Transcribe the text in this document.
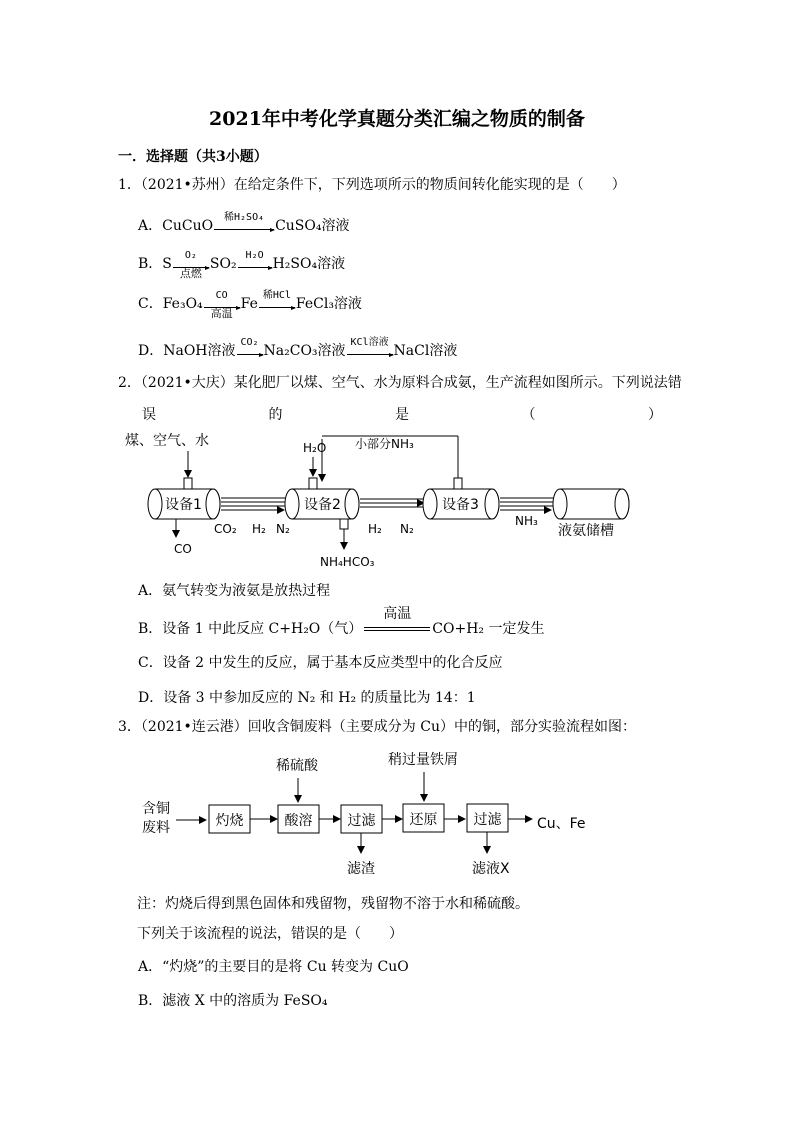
2021年中考化学真题分类汇编之物质的制备
一．选择题（共3小题）
1．（2021•苏州）在给定条件下，下列选项所示的物质间转化能实现的是（　　）
A．CuCuO
稀H₂SO₄
CuSO₄溶液
B．S
O₂
点燃
SO₂
H₂O
H₂SO₄溶液
C．Fe₃O₄
CO
高温
Fe
稀HCl
FeCl₃溶液
D．NaOH溶液
CO₂
Na₂CO₃溶液
KCl溶液
NaCl溶液
2．（2021•大庆）某化肥厂以煤、空气、水为原料合成氨，生产流程如图所示。下列说法错
误	的	是	（	）
煤、空气、水
设备1
CO
CO₂ H₂ N₂
设备2
H₂O 小部分NH₃
NH₄HCO₃
H₂ N₂
设备3
NH₃
液氨储槽
A．氨气转变为液氨是放热过程
B．设备 1 中此反应 C+H₂O（气）
高温
CO+H₂ 一定发生
C．设备 2 中发生的反应，属于基本反应类型中的化合反应
D．设备 3 中参加反应的 N₂ 和 H₂ 的质量比为 14：1
3．（2021•连云港）回收含铜废料（主要成分为 Cu）中的铜，部分实验流程如图：
含铜
废料	灼烧
稀硫酸
酸溶	过滤
滤渣
稍过量铁屑
还原	过滤
滤液X
Cu、Fe
注：灼烧后得到黑色固体和残留物，残留物不溶于水和稀硫酸。
下列关于该流程的说法，错误的是（　　）
A．“灼烧”的主要目的是将 Cu 转变为 CuO
B．滤液 X 中的溶质为 FeSO₄
